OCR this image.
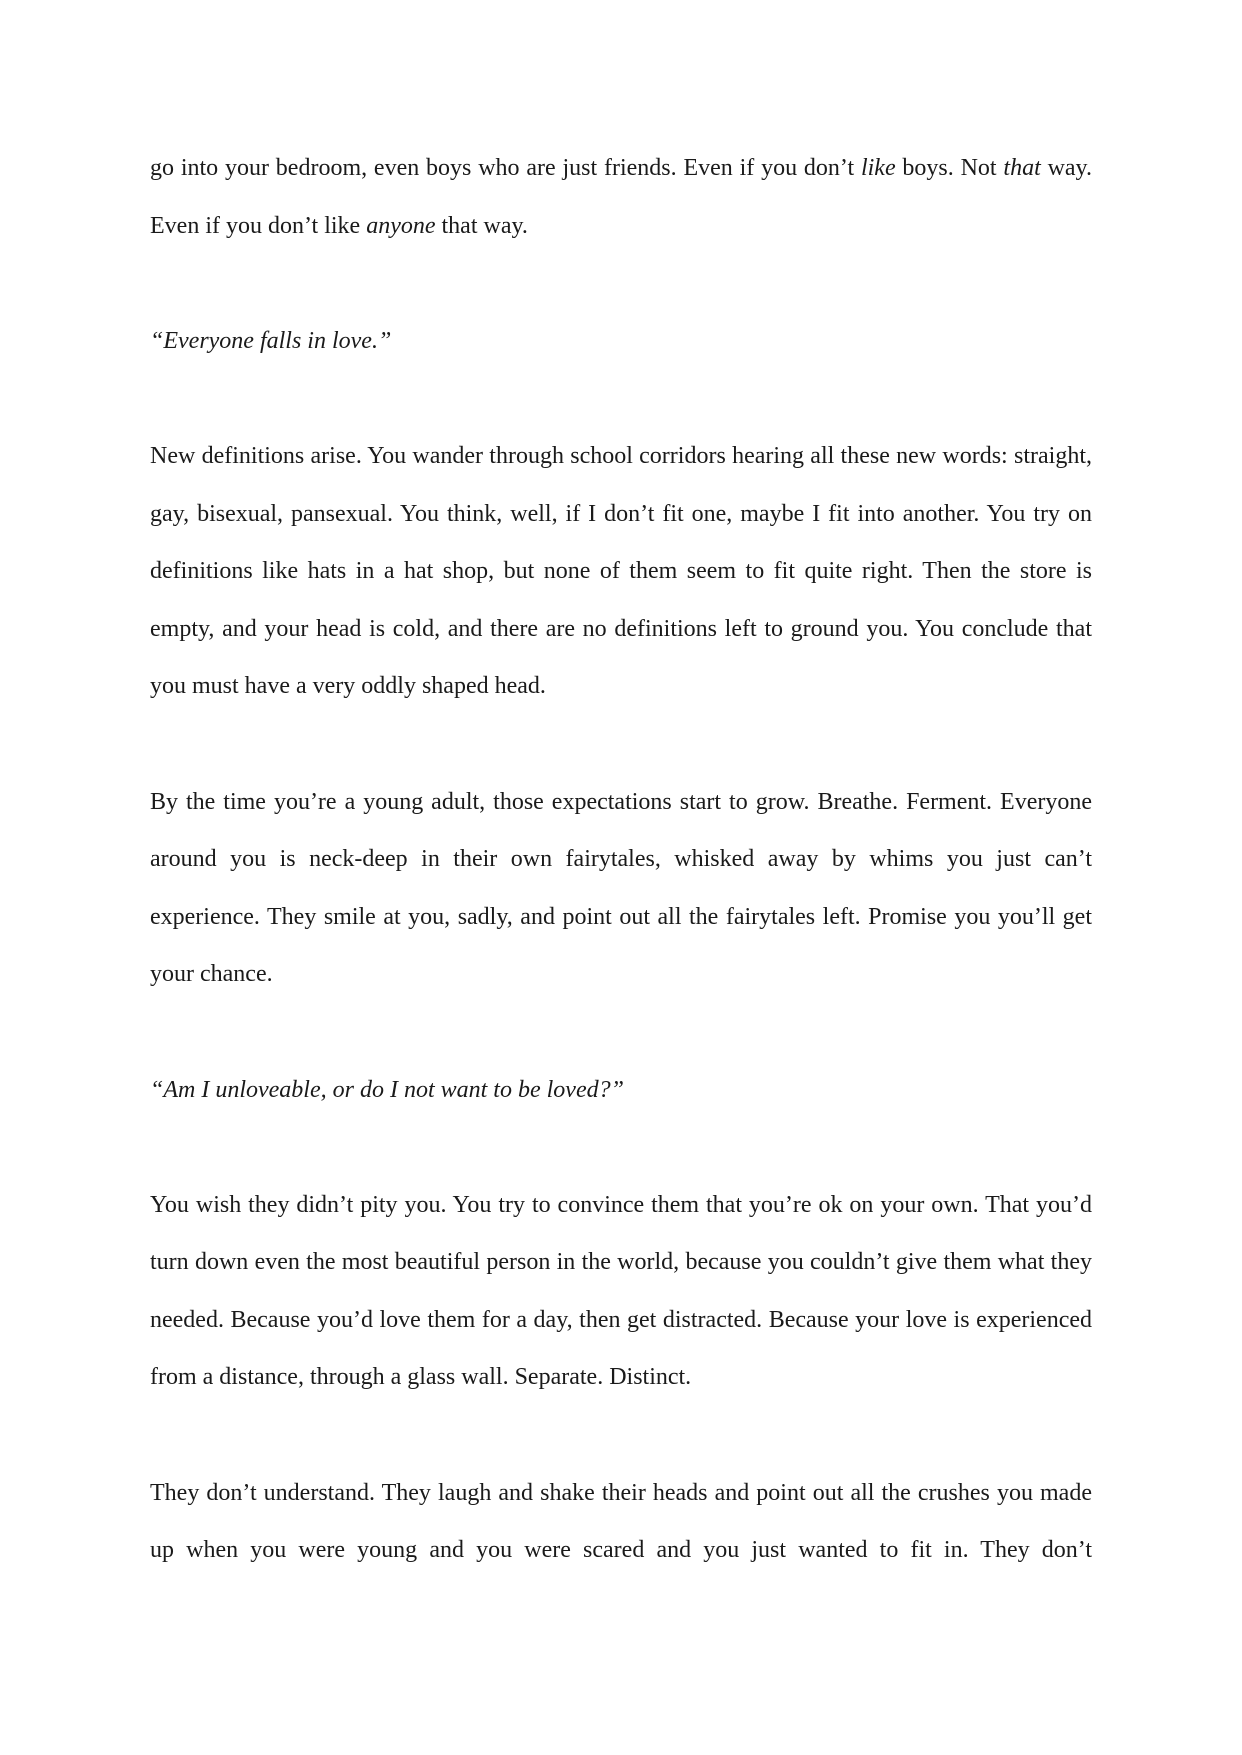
go into your bedroom, even boys who are just friends. Even if you don’t like boys. Not that way. Even if you don’t like anyone that way.

“Everyone falls in love.”

New definitions arise. You wander through school corridors hearing all these new words: straight, gay, bisexual, pansexual. You think, well, if I don’t fit one, maybe I fit into another. You try on definitions like hats in a hat shop, but none of them seem to fit quite right. Then the store is empty, and your head is cold, and there are no definitions left to ground you. You conclude that you must have a very oddly shaped head.

By the time you’re a young adult, those expectations start to grow. Breathe. Ferment. Everyone around you is neck-deep in their own fairytales, whisked away by whims you just can’t experience. They smile at you, sadly, and point out all the fairytales left. Promise you you’ll get your chance.

“Am I unloveable, or do I not want to be loved?”

You wish they didn’t pity you. You try to convince them that you’re ok on your own. That you’d turn down even the most beautiful person in the world, because you couldn’t give them what they needed. Because you’d love them for a day, then get distracted. Because your love is experienced from a distance, through a glass wall. Separate. Distinct.

They don’t understand. They laugh and shake their heads and point out all the crushes you made up when you were young and you were scared and you just wanted to fit in. They don’t
